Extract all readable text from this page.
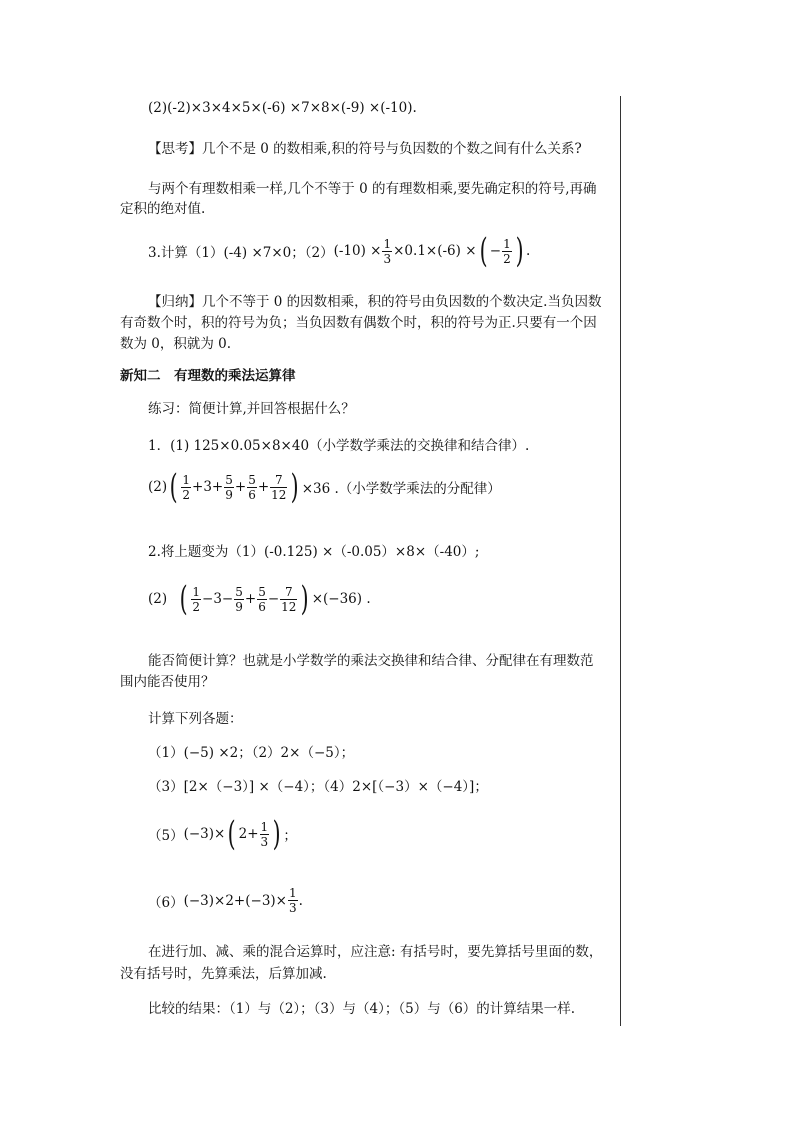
(2)(-2)×3×4×5×(-6) ×7×8×(-9) ×(-10).
【思考】几个不是 0 的数相乘,积的符号与负因数的个数之间有什么关系?
与两个有理数相乘一样,几个不等于 0 的有理数相乘,要先确定积的符号,再确
定积的绝对值.
3.计算（1）(-4) ×7×0；（2） $(-10) \times \frac{1}{3} \times 0.1\times(-6)$ × ( − $\frac{1}{2}$ ) .
【归纳】几个不等于 0 的因数相乘，积的符号由负因数的个数决定.当负因数
有奇数个时，积的符号为负；当负因数有偶数个时，积的符号为正.只要有一个因
数为 0，积就为 0.
新知二　有理数的乘法运算律
练习：简便计算,并回答根据什么？
1．(1) 125×0.05×8×40（小学数学乘法的交换律和结合律）.
(2) ( $\frac{1}{2} +3+ \frac{5}{9} + \frac{5}{6} + \frac{7}{12}$ ) ×36 .（小学数学乘法的分配律）
2.将上题变为（1）(-0.125) ×（-0.05）×8×（-40）;
(2) ( $\frac{1}{2} -3- \frac{5}{9} + \frac{5}{6} - \frac{7}{12}$ ) ×(−36) .
能否简便计算？也就是小学数学的乘法交换律和结合律、分配律在有理数范
围内能否使用？
计算下列各题：
（1）(−5) ×2；（2）2×（−5）；
（3）[2×（−3）] ×（−4）；（4）2×[（−3）×（−4）]；
（5） (−3)× ( $2+ \frac{1}{3}$ ) ；
（6） $(-3)\times 2+(-3)\times \frac{1}{3}$ .
在进行加、减、乘的混合运算时，应注意: 有括号时，要先算括号里面的数，
没有括号时，先算乘法，后算加减.
比较的结果：（1）与（2）；（3）与（4）；（5）与（6）的计算结果一样.
